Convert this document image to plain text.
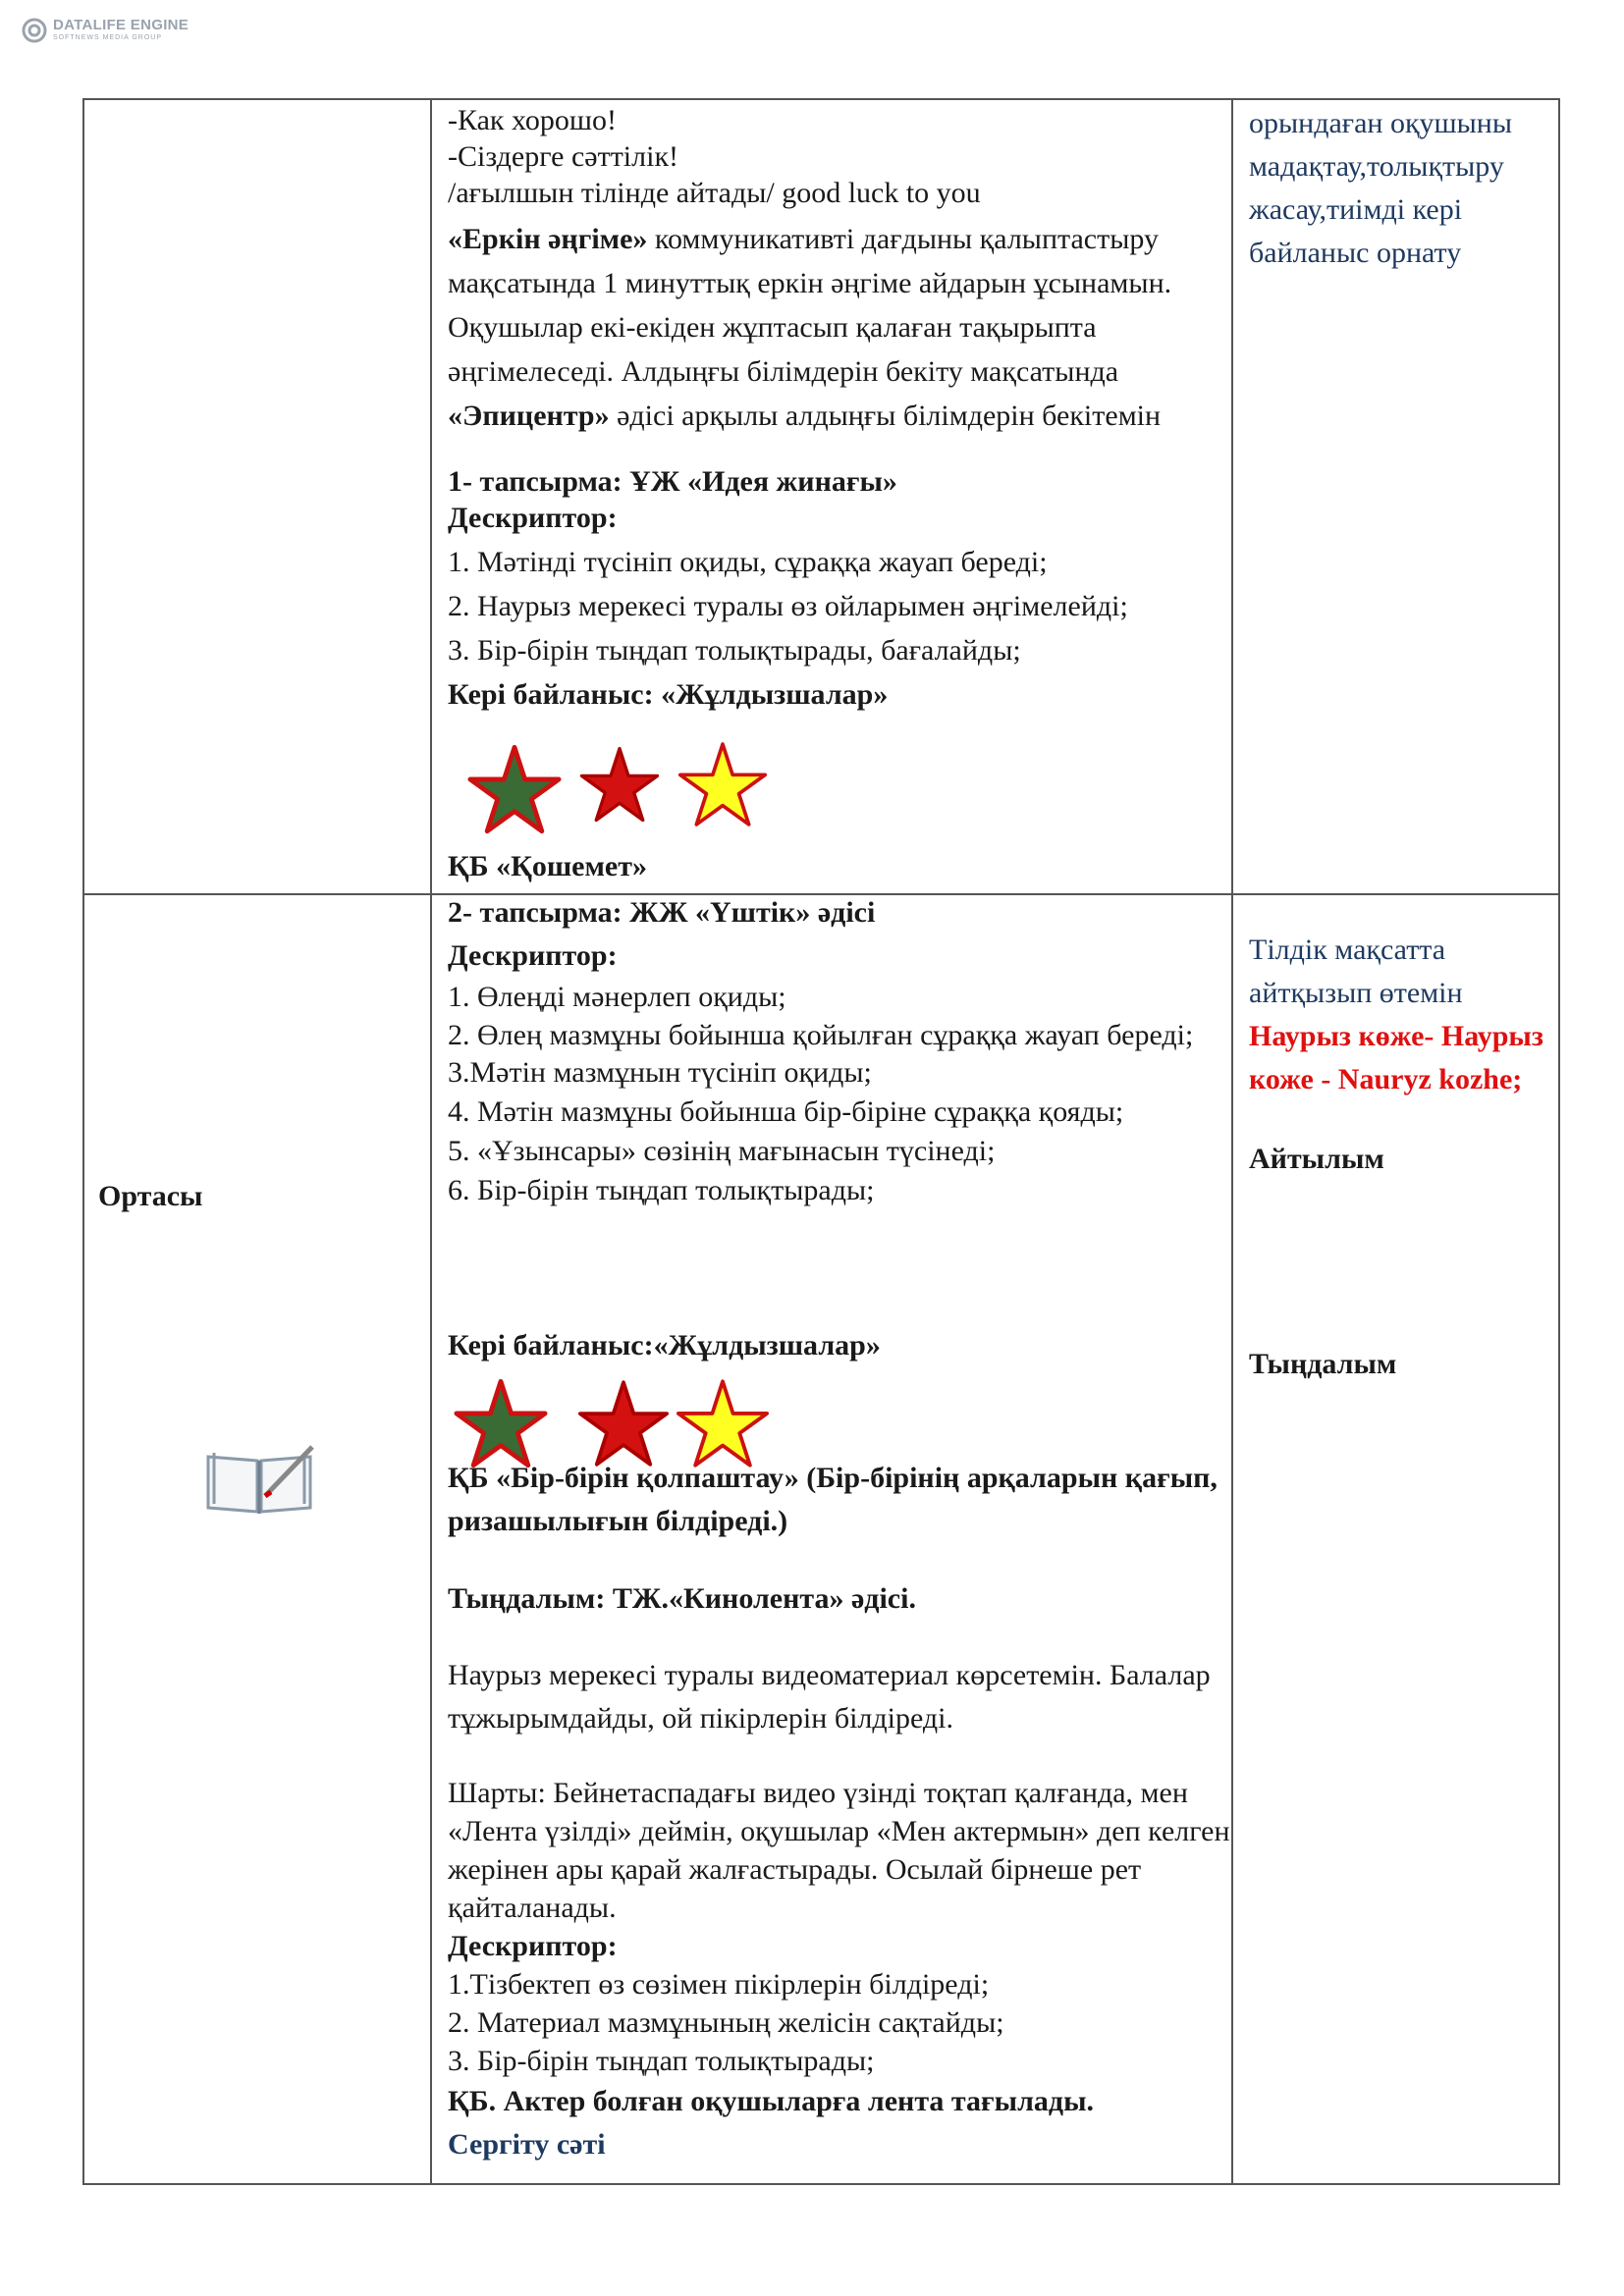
DATALIFE ENGINE
SOFTNEWS MEDIA GROUP

-Как хорошо!

-Сіздерге сәттілік!

/ағылшын тілінде айтады/ good luck to you

«Еркін әңгіме» коммуникативті дағдыны қалыптастыру мақсатында 1 минуттық еркін әңгіме айдарын ұсынамын. Оқушылар екі-екіден жұптасып қалаған тақырыпта әңгімелеседі. Алдыңғы білімдерін бекіту мақсатында «Эпицентр» әдісі арқылы алдыңғы білімдерін бекітемін

1- тапсырма: ҰЖ «Идея жинағы»

Дескриптор:

1. Мәтінді түсініп оқиды, сұраққа жауап береді;

2. Наурыз мерекесі туралы өз ойларымен әңгімелейді;

3. Бір-бірін тыңдап толықтырады, бағалайды;

Кері байланыс: «Жұлдызшалар»

ҚБ «Қошемет»

орындаған оқушыны мадақтау,толықтыру жасау,тиімді кері байланыс орнату

Ортасы

2- тапсырма: ЖЖ «Үштік» әдісі

Дескриптор:

1. Өлеңді мәнерлеп оқиды;

2. Өлең мазмұны бойынша қойылған сұраққа жауап береді;

3.Мәтін мазмұнын түсініп оқиды;

4. Мәтін мазмұны бойынша бір-біріне сұраққа қояды;

5. «Ұзынсары» сөзінің мағынасын түсінеді;

6. Бір-бірін тыңдап толықтырады;

Кері байланыс:«Жұлдызшалар»

ҚБ «Бір-бірін қолпаштау» (Бір-бірінің арқаларын қағып, ризашылығын білдіреді.)

Тыңдалым: ТЖ.«Кинолента» әдісі.

Наурыз мерекесі туралы видеоматериал көрсетемін. Балалар тұжырымдайды, ой пікірлерін білдіреді.

Шарты: Бейнетаспадағы видео үзінді тоқтап қалғанда, мен «Лента үзілді» деймін, оқушылар «Мен актермын» деп келген жерінен ары қарай жалғастырады. Осылай бірнеше рет қайталанады.

Дескриптор:

1.Тізбектеп өз сөзімен пікірлерін білдіреді;

2. Материал мазмұнының желісін сақтайды;

3. Бір-бірін тыңдап толықтырады;

ҚБ. Актер болған оқушыларға лента тағылады.

Сергіту сәті

Тілдік мақсатта айтқызып өтемін

Наурыз көже- Наурыз коже - Nauryz kozhe;

Айтылым

Тыңдалым
